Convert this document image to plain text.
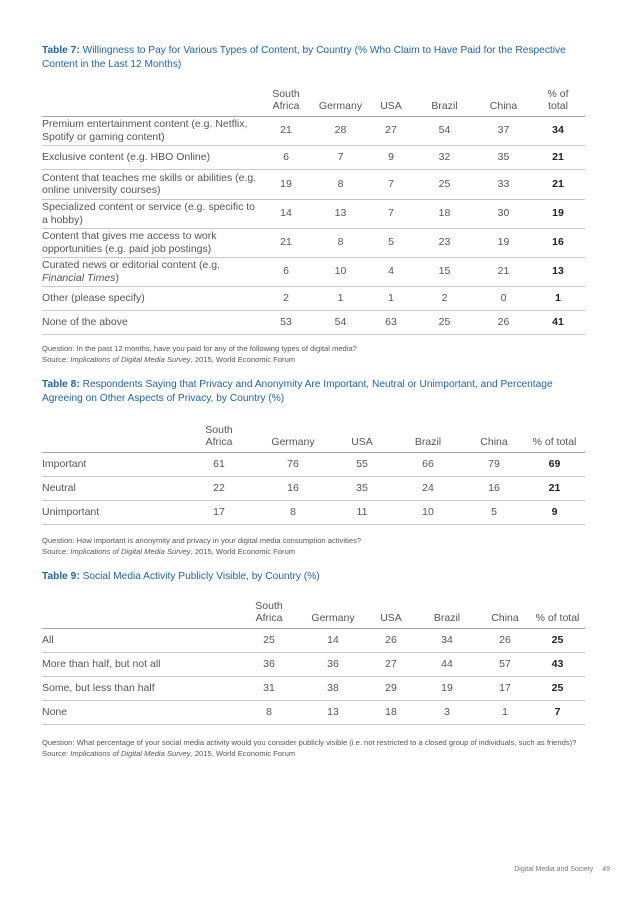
Table 7: Willingness to Pay for Various Types of Content, by Country (% Who Claim to Have Paid for the Respective Content in the Last 12 Months)
	South Africa	Germany	USA	Brazil	China	% of total
Premium entertainment content (e.g. Netflix, Spotify or gaming content)	21	28	27	54	37	34
Exclusive content (e.g. HBO Online)	6	7	9	32	35	21
Content that teaches me skills or abilities (e.g. online university courses)	19	8	7	25	33	21
Specialized content or service (e.g. specific to a hobby)	14	13	7	18	30	19
Content that gives me access to work opportunities (e.g. paid job postings)	21	8	5	23	19	16
Curated news or editorial content (e.g. Financial Times)	6	10	4	15	21	13
Other (please specify)	2	1	1	2	0	1
None of the above	53	54	63	25	26	41
Question: In the past 12 months, have you paid for any of the following types of digital media?
Source: Implications of Digital Media Survey, 2015, World Economic Forum
Table 8: Respondents Saying that Privacy and Anonymity Are Important, Neutral or Unimportant, and Percentage Agreeing on Other Aspects of Privacy, by Country (%)
	South Africa	Germany	USA	Brazil	China	% of total
Important	61	76	55	66	79	69
Neutral	22	16	35	24	16	21
Unimportant	17	8	11	10	5	9
Question: How important is anonymity and privacy in your digital media consumption activities?
Source: Implications of Digital Media Survey, 2015, World Economic Forum
Table 9: Social Media Activity Publicly Visible, by Country (%)
	South Africa	Germany	USA	Brazil	China	% of total
All	25	14	26	34	26	25
More than half, but not all	36	36	27	44	57	43
Some, but less than half	31	38	29	19	17	25
None	8	13	18	3	1	7
Question: What percentage of your social media activity would you consider publicly visible (i.e. not restricted to a closed group of individuals, such as friends)?
Source: Implications of Digital Media Survey, 2015, World Economic Forum
Digital Media and Society 49
